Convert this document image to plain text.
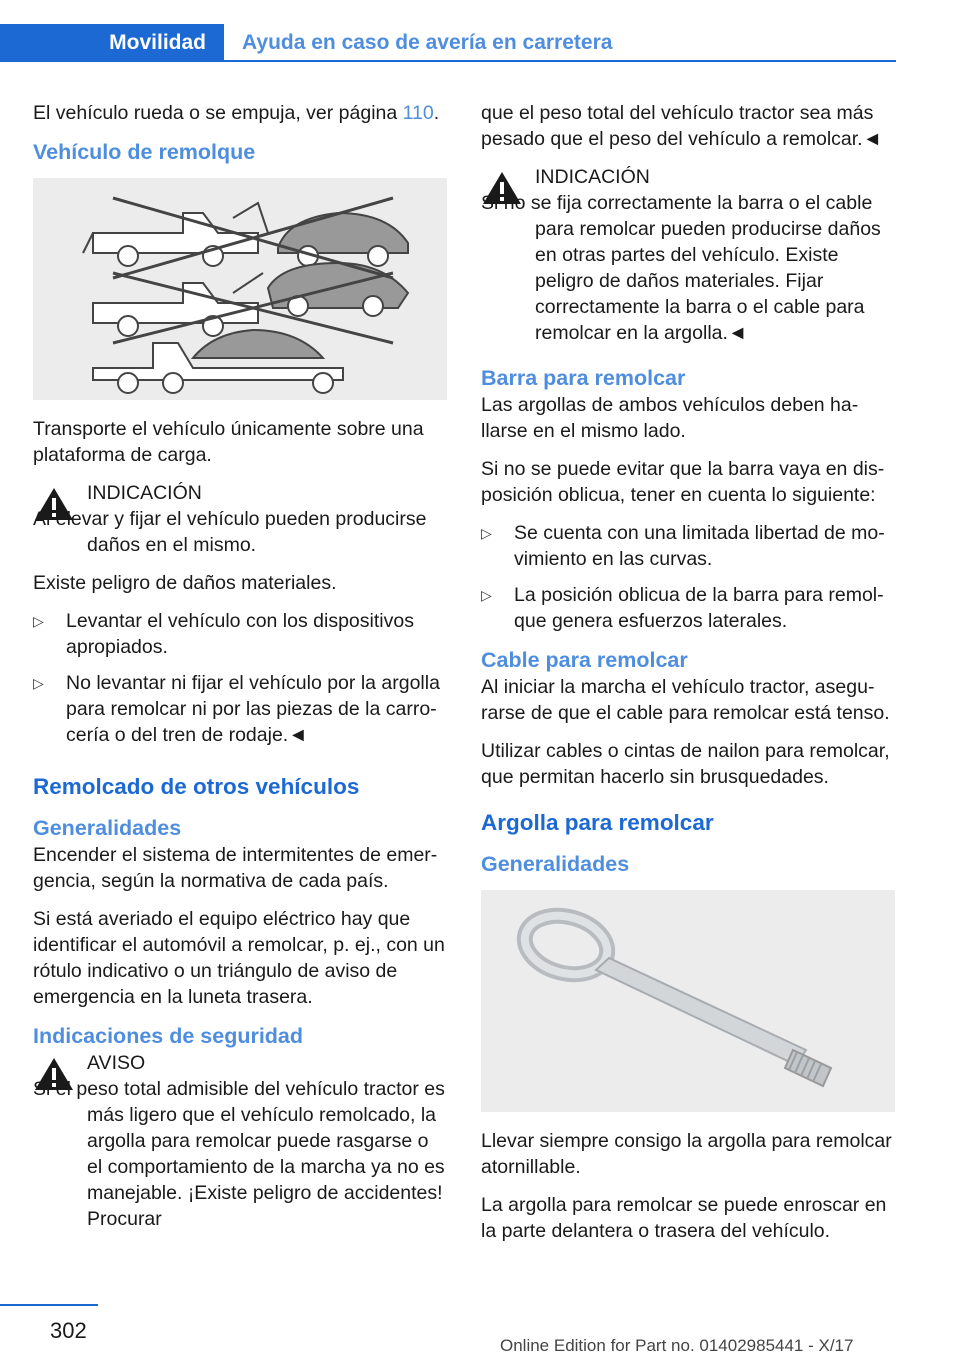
Movilidad Ayuda en caso de avería en carretera

El vehículo rueda o se empuja, ver página 110.

Vehículo de remolque

Transporte el vehículo únicamente sobre una plataforma de carga.

INDICACIÓN
Al elevar y fijar el vehículo pueden producirse daños en el mismo.

Existe peligro de daños materiales.

▷ Levantar el vehículo con los dispositivos apropiados.
▷ No levantar ni fijar el vehículo por la argolla para remolcar ni por las piezas de la carrocería o del tren de rodaje.◄
Remolcado de otros vehículos
Generalidades

Encender el sistema de intermitentes de emergencia, según la normativa de cada país.

Si está averiado el equipo eléctrico hay que identificar el automóvil a remolcar, p. ej., con un rótulo indicativo o un triángulo de aviso de emergencia en la luneta trasera.

Indicaciones de seguridad
AVISO
Si el peso total admisible del vehículo tractor es más ligero que el vehículo remolcado, la argolla para remolcar puede rasgarse o el comportamiento de la marcha ya no es manejable. ¡Existe peligro de accidentes! Procurar

que el peso total del vehículo tractor sea más pesado que el peso del vehículo a remolcar.◄

INDICACIÓN
Si no se fija correctamente la barra o el cable para remolcar pueden producirse daños en otras partes del vehículo. Existe peligro de daños materiales. Fijar correctamente la barra o el cable para remolcar en la argolla.◄
Barra para remolcar

Las argollas de ambos vehículos deben hallarse en el mismo lado.

Si no se puede evitar que la barra vaya en disposición oblicua, tener en cuenta lo siguiente:

▷ Se cuenta con una limitada libertad de movimiento en las curvas.
▷ La posición oblicua de la barra para remolque genera esfuerzos laterales.
Cable para remolcar

Al iniciar la marcha el vehículo tractor, asegurarse de que el cable para remolcar está tenso.

Utilizar cables o cintas de nailon para remolcar, que permitan hacerlo sin brusquedades.

Argolla para remolcar
Generalidades

Llevar siempre consigo la argolla para remolcar atornillable.

La argolla para remolcar se puede enroscar en la parte delantera o trasera del vehículo.

302
Online Edition for Part no. 01402985441 - X/17
